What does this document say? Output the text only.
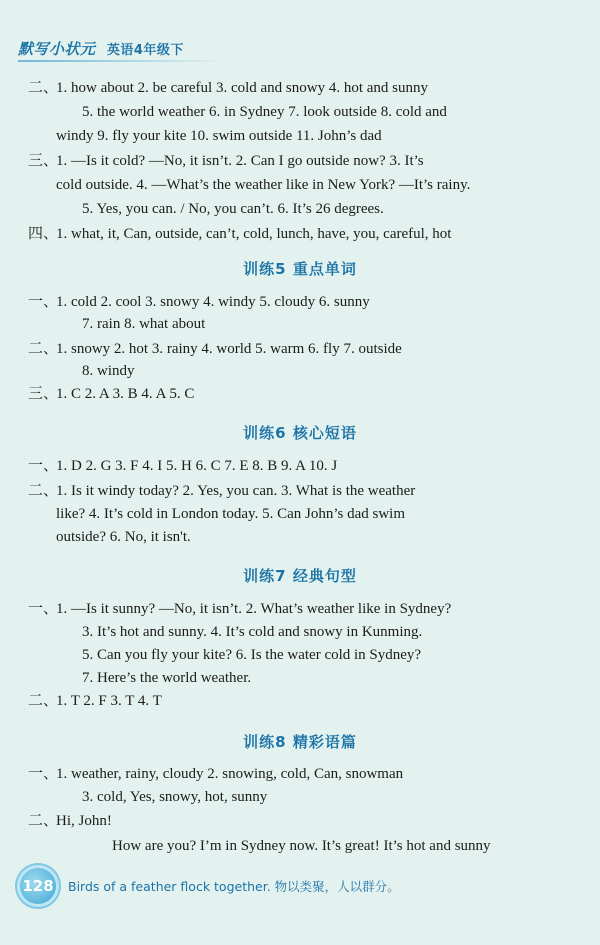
默写小状元 英语4年级下
二、
1. how about 2. be careful 3. cold and snowy 4. hot and sunny
5. the world weather 6. in Sydney 7. look outside 8. cold and
windy 9. fly your kite 10. swim outside 11. John’s dad
三、
1. —Is it cold? —No, it isn’t. 2. Can I go outside now? 3. It’s
cold outside. 4. —What’s the weather like in New York? —It’s rainy.
5. Yes, you can. / No, you can’t. 6. It’s 26 degrees.
四、
1. what, it, Can, outside, can’t, cold, lunch, have, you, careful, hot
训练5 重点单词
一、
1. cold 2. cool 3. snowy 4. windy 5. cloudy 6. sunny
7. rain 8. what about
二、
1. snowy 2. hot 3. rainy 4. world 5. warm 6. fly 7. outside
8. windy
三、
1. C 2. A 3. B 4. A 5. C
训练6 核心短语
一、
1. D 2. G 3. F 4. I 5. H 6. C 7. E 8. B 9. A 10. J
二、
1. Is it windy today? 2. Yes, you can. 3. What is the weather
like? 4. It’s cold in London today. 5. Can John’s dad swim
outside? 6. No, it isn't.
训练7 经典句型
一、
1. —Is it sunny? —No, it isn’t. 2. What’s weather like in Sydney?
3. It’s hot and sunny. 4. It’s cold and snowy in Kunming.
5. Can you fly your kite? 6. Is the water cold in Sydney?
7. Here’s the world weather.
二、
1. T 2. F 3. T 4. T
训练8 精彩语篇
一、
1. weather, rainy, cloudy 2. snowing, cold, Can, snowman
3. cold, Yes, snowy, hot, sunny
二、
Hi, John!
How are you? I’m in Sydney now. It’s great! It’s hot and sunny
128 Birds of a feather flock together. 物以类聚，人以群分。
